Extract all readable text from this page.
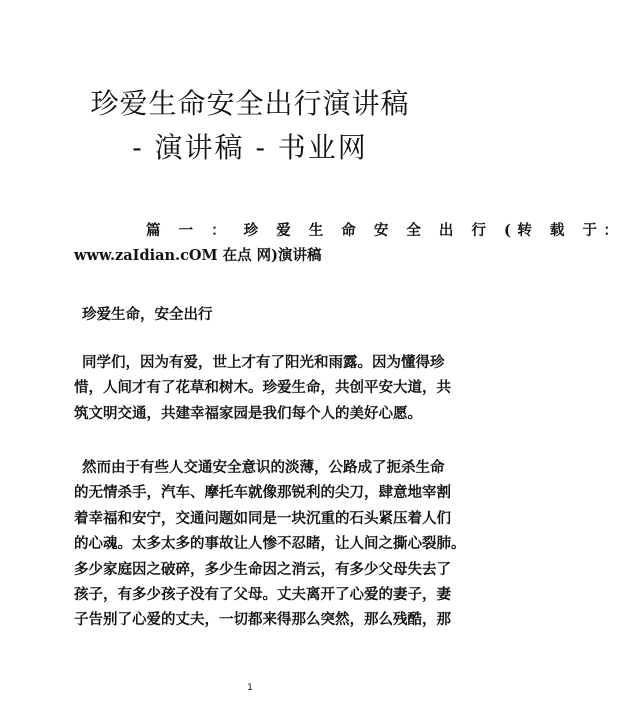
珍爱生命安全出行演讲稿
- 演讲稿 - 书业网
篇 一 ： 珍 爱 生 命 安 全 出 行 (转 载 于：
www.zaIdian.cOM 在点 网)演讲稿
珍爱生命，安全出行
同学们，因为有爱，世上才有了阳光和雨露。因为懂得珍
惜，人间才有了花草和树木。珍爱生命，共创平安大道，共
筑文明交通，共建幸福家园是我们每个人的美好心愿。
然而由于有些人交通安全意识的淡薄，公路成了扼杀生命
的无情杀手，汽车、摩托车就像那锐利的尖刀，肆意地宰割
着幸福和安宁，交通问题如同是一块沉重的石头紧压着人们
的心魂。太多太多的事故让人惨不忍睹，让人间之撕心裂肺。
多少家庭因之破碎，多少生命因之消云，有多少父母失去了
孩子，有多少孩子没有了父母。丈夫离开了心爱的妻子，妻
子告别了心爱的丈夫，一切都来得那么突然，那么残酷，那
1
